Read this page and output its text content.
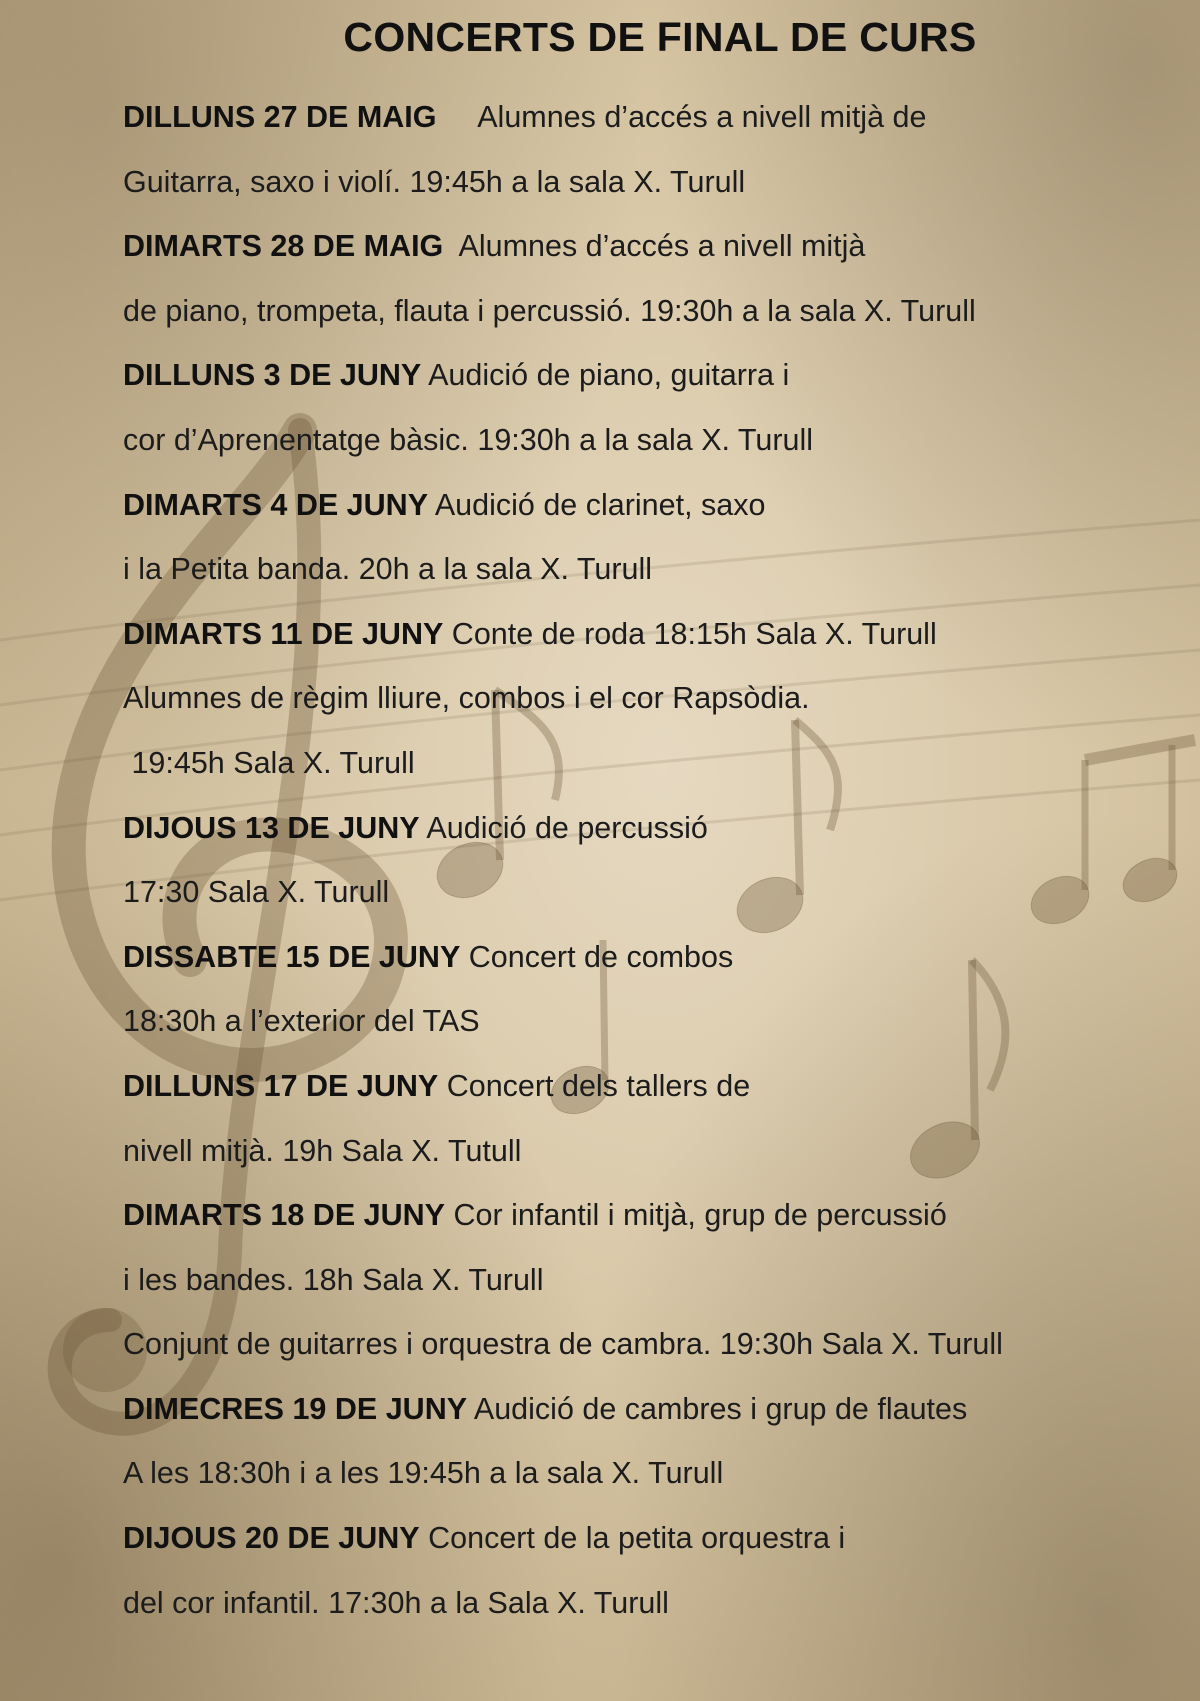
CONCERTS DE FINAL DE CURS
DILLUNS 27 DE MAIG     Alumnes d’accés a nivell mitjà de
Guitarra, saxo i violí. 19:45h a la sala X. Turull
DIMARTS 28 DE MAIG  Alumnes d’accés a nivell mitjà
de piano, trompeta, flauta i percussió. 19:30h a la sala X. Turull
DILLUNS 3 DE JUNY Audició de piano, guitarra i
cor d’Aprenentatge bàsic. 19:30h a la sala X. Turull
DIMARTS 4 DE JUNY Audició de clarinet, saxo
i la Petita banda. 20h a la sala X. Turull
DIMARTS 11 DE JUNY Conte de roda 18:15h Sala X. Turull
Alumnes de règim lliure, combos i el cor Rapsòdia.
19:45h Sala X. Turull
DIJOUS 13 DE JUNY Audició de percussió
17:30 Sala X. Turull
DISSABTE 15 DE JUNY Concert de combos
18:30h a l’exterior del TAS
DILLUNS 17 DE JUNY Concert dels tallers de
nivell mitjà. 19h Sala X. Tutull
DIMARTS 18 DE JUNY Cor infantil i mitjà, grup de percussió
i les bandes. 18h Sala X. Turull
Conjunt de guitarres i orquestra de cambra. 19:30h Sala X. Turull
DIMECRES 19 DE JUNY Audició de cambres i grup de flautes
A les 18:30h i a les 19:45h a la sala X. Turull
DIJOUS 20 DE JUNY Concert de la petita orquestra i
del cor infantil. 17:30h a la Sala X. Turull
